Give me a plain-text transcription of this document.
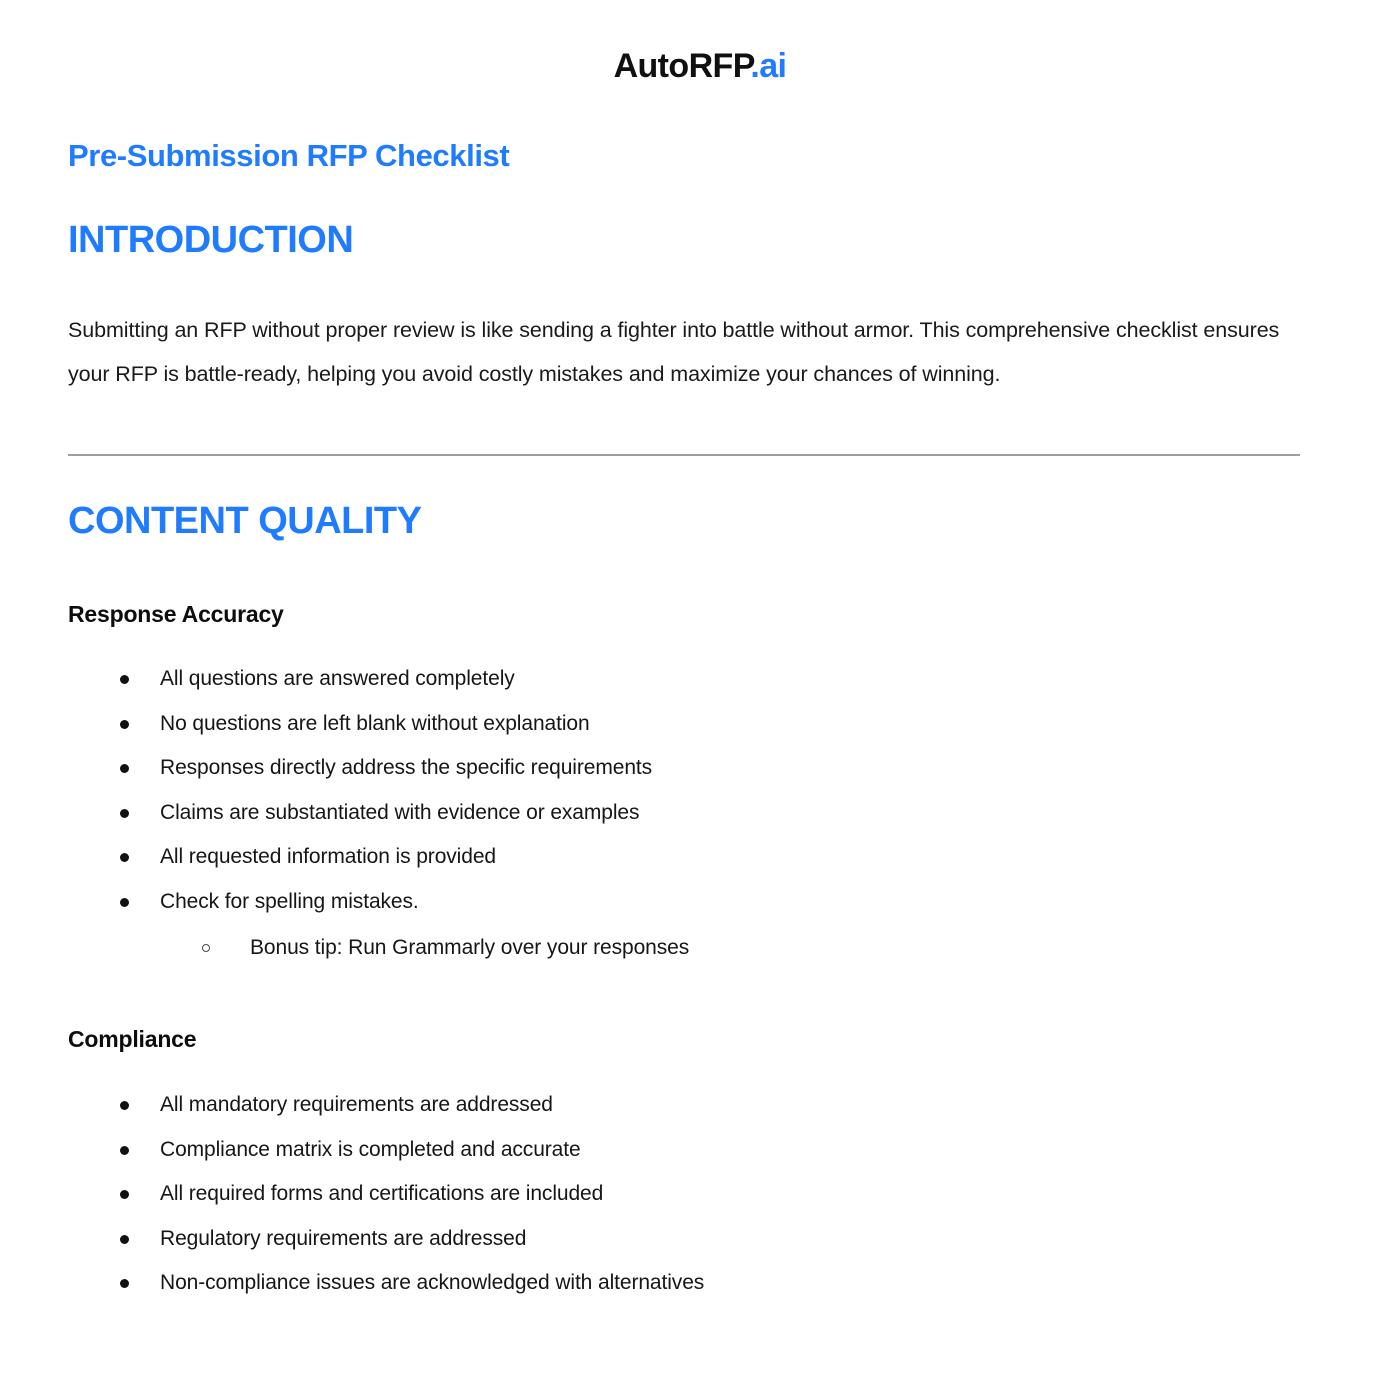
AutoRFP.ai
Pre-Submission RFP Checklist
INTRODUCTION

Submitting an RFP without proper review is like sending a fighter into battle without armor. This comprehensive checklist ensures your RFP is battle-ready, helping you avoid costly mistakes and maximize your chances of winning.

CONTENT QUALITY
Response Accuracy
All questions are answered completely
No questions are left blank without explanation
Responses directly address the specific requirements
Claims are substantiated with evidence or examples
All requested information is provided
Check for spelling mistakes.
Bonus tip: Run Grammarly over your responses
Compliance
All mandatory requirements are addressed
Compliance matrix is completed and accurate
All required forms and certifications are included
Regulatory requirements are addressed
Non-compliance issues are acknowledged with alternatives
